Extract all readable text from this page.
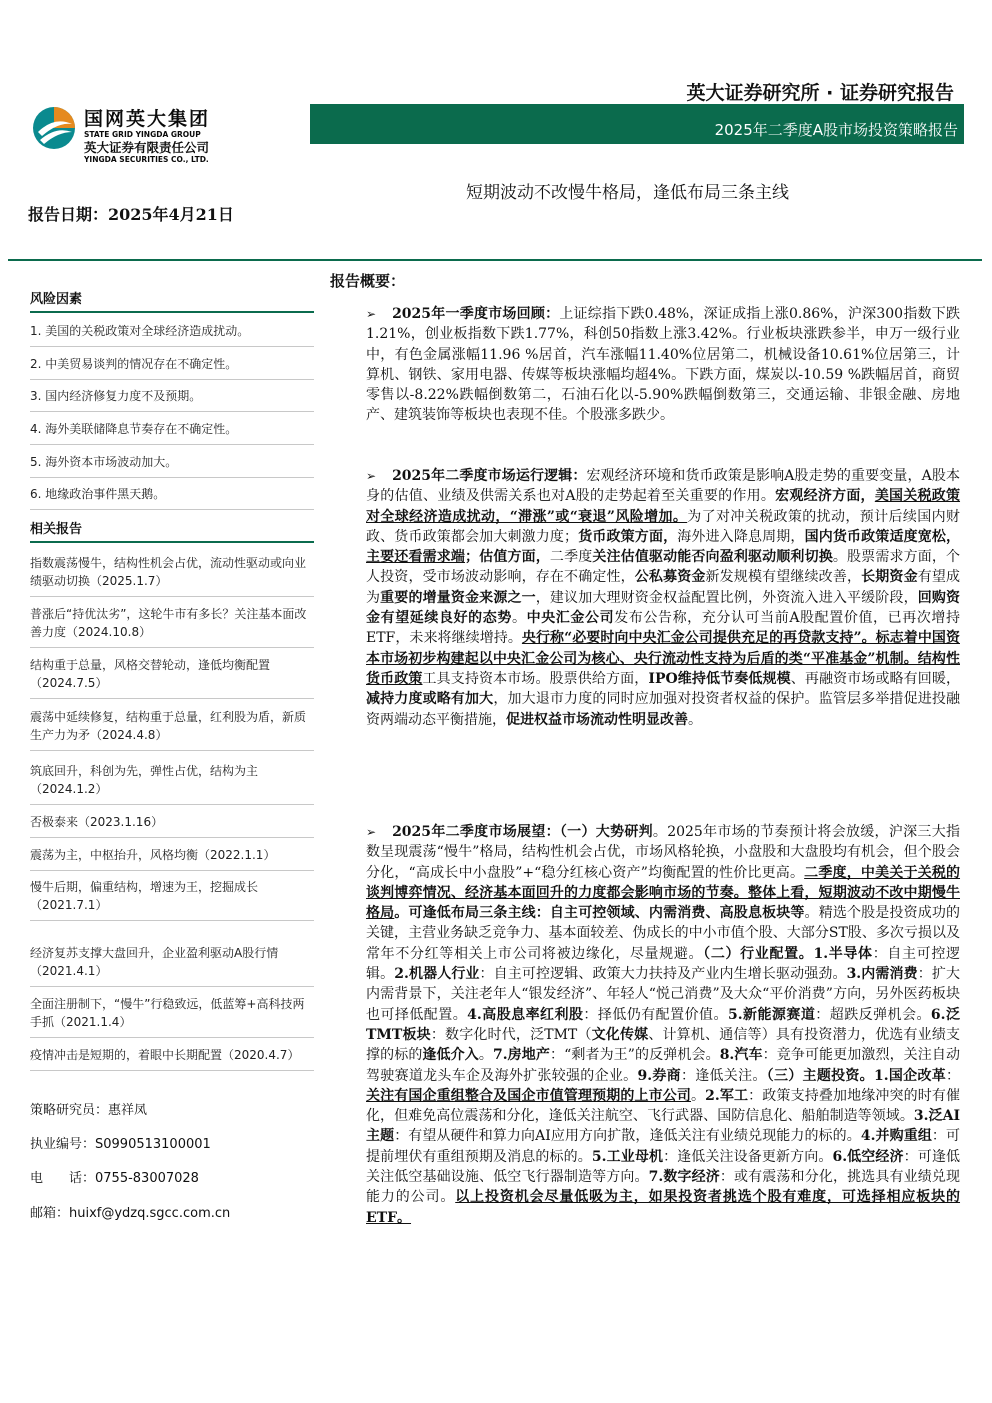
国网英大集团
STATE GRID YINGDA GROUP
英大证券有限责任公司
YINGDA SECURITIES CO., LTD.
英大证券研究所 · 证券研究报告
2025年二季度A股市场投资策略报告
短期波动不改慢牛格局，逢低布局三条主线
报告日期：2025年4月21日
风险因素
1. 美国的关税政策对全球经济造成扰动。
2. 中美贸易谈判的情况存在不确定性。
3. 国内经济修复力度不及预期。
4. 海外美联储降息节奏存在不确定性。
5. 海外资本市场波动加大。
6. 地缘政治事件黑天鹅。
相关报告
指数震荡慢牛，结构性机会占优，流动性驱动或向业绩驱动切换（2025.1.7）
普涨后“持优汰劣”，这轮牛市有多长？关注基本面改善力度（2024.10.8）
结构重于总量，风格交替轮动，逢低均衡配置（2024.7.5）
震荡中延续修复，结构重于总量，红利股为盾，新质生产力为矛（2024.4.8）
筑底回升，科创为先，弹性占优，结构为主（2024.1.2）
否极泰来（2023.1.16）
震荡为主，中枢抬升，风格均衡（2022.1.1）
慢牛后期，偏重结构，增速为王，挖掘成长（2021.7.1）
经济复苏支撑大盘回升，企业盈利驱动A股行情（2021.4.1）
全面注册制下，“慢牛”行稳致远，低蓝筹+高科技两手抓（2021.1.4）
疫情冲击是短期的，着眼中长期配置（2020.4.7）
策略研究员：惠祥凤
执业编号：S0990513100001
电　　话：0755-83007028
邮箱：huixf@ydzq.sgcc.com.cn
报告概要：
➢ 2025年一季度市场回顾：上证综指下跌0.48%，深证成指上涨0.86%，沪深300指数下跌1.21%，创业板指数下跌1.77%，科创50指数上涨3.42%。行业板块涨跌参半，申万一级行业中，有色金属涨幅11.96 %居首，汽车涨幅11.40%位居第二，机械设备10.61%位居第三，计算机、钢铁、家用电器、传媒等板块涨幅均超4%。下跌方面，煤炭以-10.59 %跌幅居首，商贸零售以-8.22%跌幅倒数第二，石油石化以-5.90%跌幅倒数第三，交通运输、非银金融、房地产、建筑装饰等板块也表现不佳。个股涨多跌少。
➢ 2025年二季度市场运行逻辑：宏观经济环境和货币政策是影响A股走势的重要变量，A股本身的估值、业绩及供需关系也对A股的走势起着至关重要的作用。宏观经济方面，美国关税政策对全球经济造成扰动，“滞涨”或“衰退”风险增加。为了对冲关税政策的扰动，预计后续国内财政、货币政策都会加大刺激力度；货币政策方面，海外进入降息周期，国内货币政策适度宽松，主要还看需求端；估值方面，二季度关注估值驱动能否向盈利驱动顺利切换。股票需求方面，个人投资，受市场波动影响，存在不确定性，公私募资金新发规模有望继续改善，长期资金有望成为重要的增量资金来源之一，建议加大理财资金权益配置比例，外资流入进入平缓阶段，回购资金有望延续良好的态势。中央汇金公司发布公告称，充分认可当前A股配置价值，已再次增持ETF，未来将继续增持。央行称“必要时向中央汇金公司提供充足的再贷款支持”。标志着中国资本市场初步构建起以中央汇金公司为核心、央行流动性支持为后盾的类“平准基金”机制。结构性货币政策工具支持资本市场。股票供给方面，IPO维持低节奏低规模、再融资市场或略有回暖，减持力度或略有加大，加大退市力度的同时应加强对投资者权益的保护。监管层多举措促进投融资两端动态平衡措施，促进权益市场流动性明显改善。
➢ 2025年二季度市场展望：（一）大势研判。2025年市场的节奏预计将会放缓，沪深三大指数呈现震荡“慢牛”格局，结构性机会占优，市场风格轮换，小盘股和大盘股均有机会，但个股会分化，“高成长中小盘股”+“稳分红核心资产”均衡配置的性价比更高。二季度，中美关于关税的谈判博弈情况、经济基本面回升的力度都会影响市场的节奏。整体上看，短期波动不改中期慢牛格局。可逢低布局三条主线：自主可控领域、内需消费、高股息板块等。精选个股是投资成功的关键，主营业务缺乏竞争力、基本面较差、伪成长的中小市值个股、大部分ST股、多次亏损以及常年不分红等相关上市公司将被边缘化，尽量规避。（二）行业配置。1.半导体：自主可控逻辑。2.机器人行业：自主可控逻辑、政策大力扶持及产业内生增长驱动强劲。3.内需消费：扩大内需背景下，关注老年人“银发经济”、年轻人“悦己消费”及大众“平价消费”方向，另外医药板块也可择低配置。4.高股息率红利股：择低仍有配置价值。5.新能源赛道：超跌反弹机会。6.泛TMT板块：数字化时代，泛TMT（文化传媒、计算机、通信等）具有投资潜力，优选有业绩支撑的标的逢低介入。7.房地产：“剩者为王”的反弹机会。8.汽车：竞争可能更加激烈，关注自动驾驶赛道龙头车企及海外扩张较强的企业。9.券商：逢低关注。（三）主题投资。1.国企改革：关注有国企重组整合及国企市值管理预期的上市公司。2.军工：政策支持叠加地缘冲突的时有催化，但难免高位震荡和分化，逢低关注航空、飞行武器、国防信息化、船舶制造等领域。3.泛AI主题：有望从硬件和算力向AI应用方向扩散，逢低关注有业绩兑现能力的标的。4.并购重组：可提前埋伏有重组预期及消息的标的。5.工业母机：逢低关注设备更新方向。6.低空经济：可逢低关注低空基础设施、低空飞行器制造等方向。7.数字经济：或有震荡和分化，挑选具有业绩兑现能力的公司。以上投资机会尽量低吸为主，如果投资者挑选个股有难度，可选择相应板块的ETF。
